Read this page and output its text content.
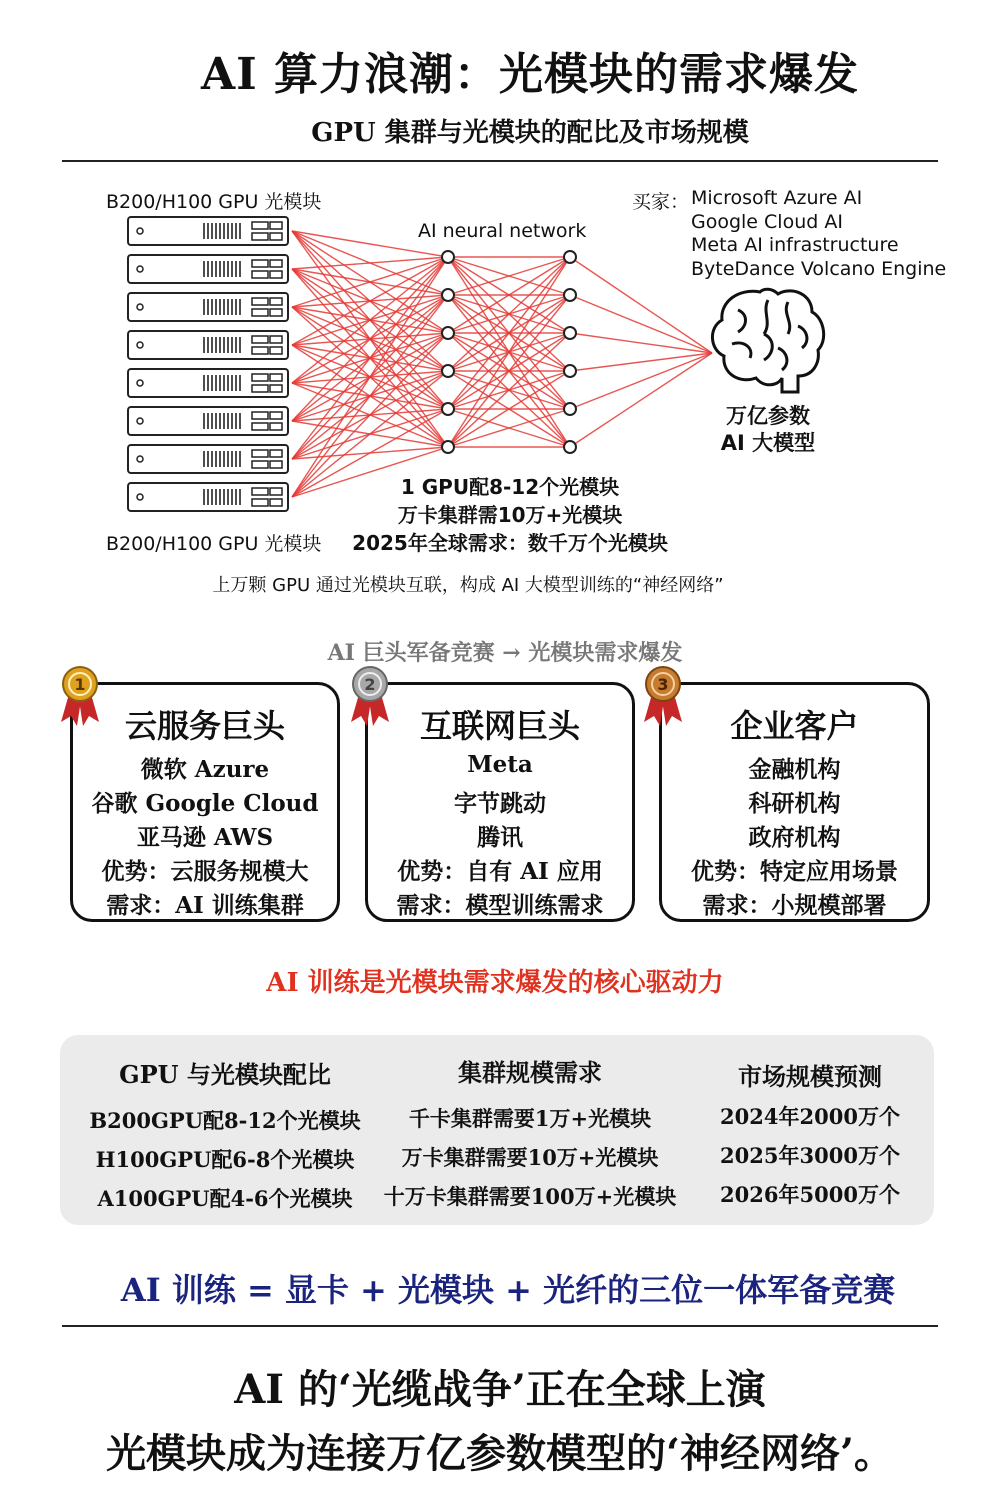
AI 算力浪潮：光模块的需求爆发
GPU 集群与光模块的配比及市场规模
B200/H100 GPU 光模块
B200/H100 GPU 光模块
AI neural network
买家： Microsoft Azure AI
Google Cloud AI
Meta AI infrastructure
ByteDance Volcano Engine
万亿参数
AI 大模型
1 GPU配8-12个光模块
万卡集群需10万+光模块
2025年全球需求：数千万个光模块
上万颗 GPU 通过光模块互联，构成 AI 大模型训练的“神经网络”
AI 巨头军备竞赛 → 光模块需求爆发
云服务巨头
微软 Azure
谷歌 Google Cloud
亚马逊 AWS
优势：云服务规模大
需求：AI 训练集群
互联网巨头
Meta
字节跳动
腾讯
优势：自有 AI 应用
需求：模型训练需求
企业客户
金融机构
科研机构
政府机构
优势：特定应用场景
需求：小规模部署
1	2	3
AI 训练是光模块需求爆发的核心驱动力
GPU 与光模块配比
B200GPU配8-12个光模块
H100GPU配6-8个光模块
A100GPU配4-6个光模块
集群规模需求
千卡集群需要1万+光模块
万卡集群需要10万+光模块
十万卡集群需要100万+光模块
市场规模预测
2024年2000万个
2025年3000万个
2026年5000万个
AI 训练 = 显卡 + 光模块 + 光纤的三位一体军备竞赛
AI 的‘光缆战争’正在全球上演
光模块成为连接万亿参数模型的‘神经网络’。
